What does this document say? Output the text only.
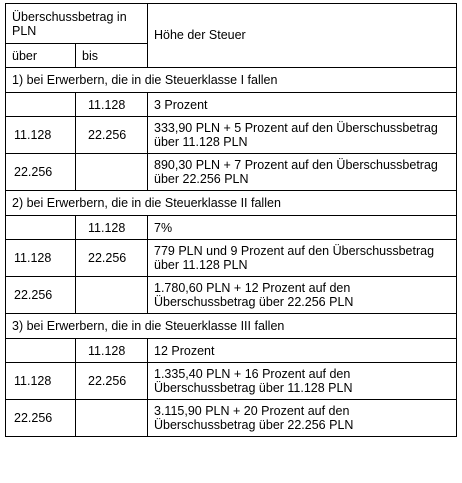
Überschussbetrag in PLN		Höhe der Steuer
über	bis	
1) bei Erwerbern, die in die Steuerklasse I fallen		
	11.128	3 Prozent
11.128	22.256	333,90 PLN + 5 Prozent auf den Überschussbetrag über 11.128 PLN
22.256		890,30 PLN + 7 Prozent auf den Überschussbetrag über 22.256 PLN
2) bei Erwerbern, die in die Steuerklasse II fallen		
	11.128	7%
11.128	22.256	779 PLN und 9 Prozent auf den Überschussbetrag über 11.128 PLN
22.256		1.780,60 PLN + 12 Prozent auf den Überschussbetrag über 22.256 PLN
3) bei Erwerbern, die in die Steuerklasse III fallen		
	11.128	12 Prozent
11.128	22.256	1.335,40 PLN + 16 Prozent auf den Überschussbetrag über 11.128 PLN
22.256		3.115,90 PLN + 20 Prozent auf den Überschussbetrag über 22.256 PLN
